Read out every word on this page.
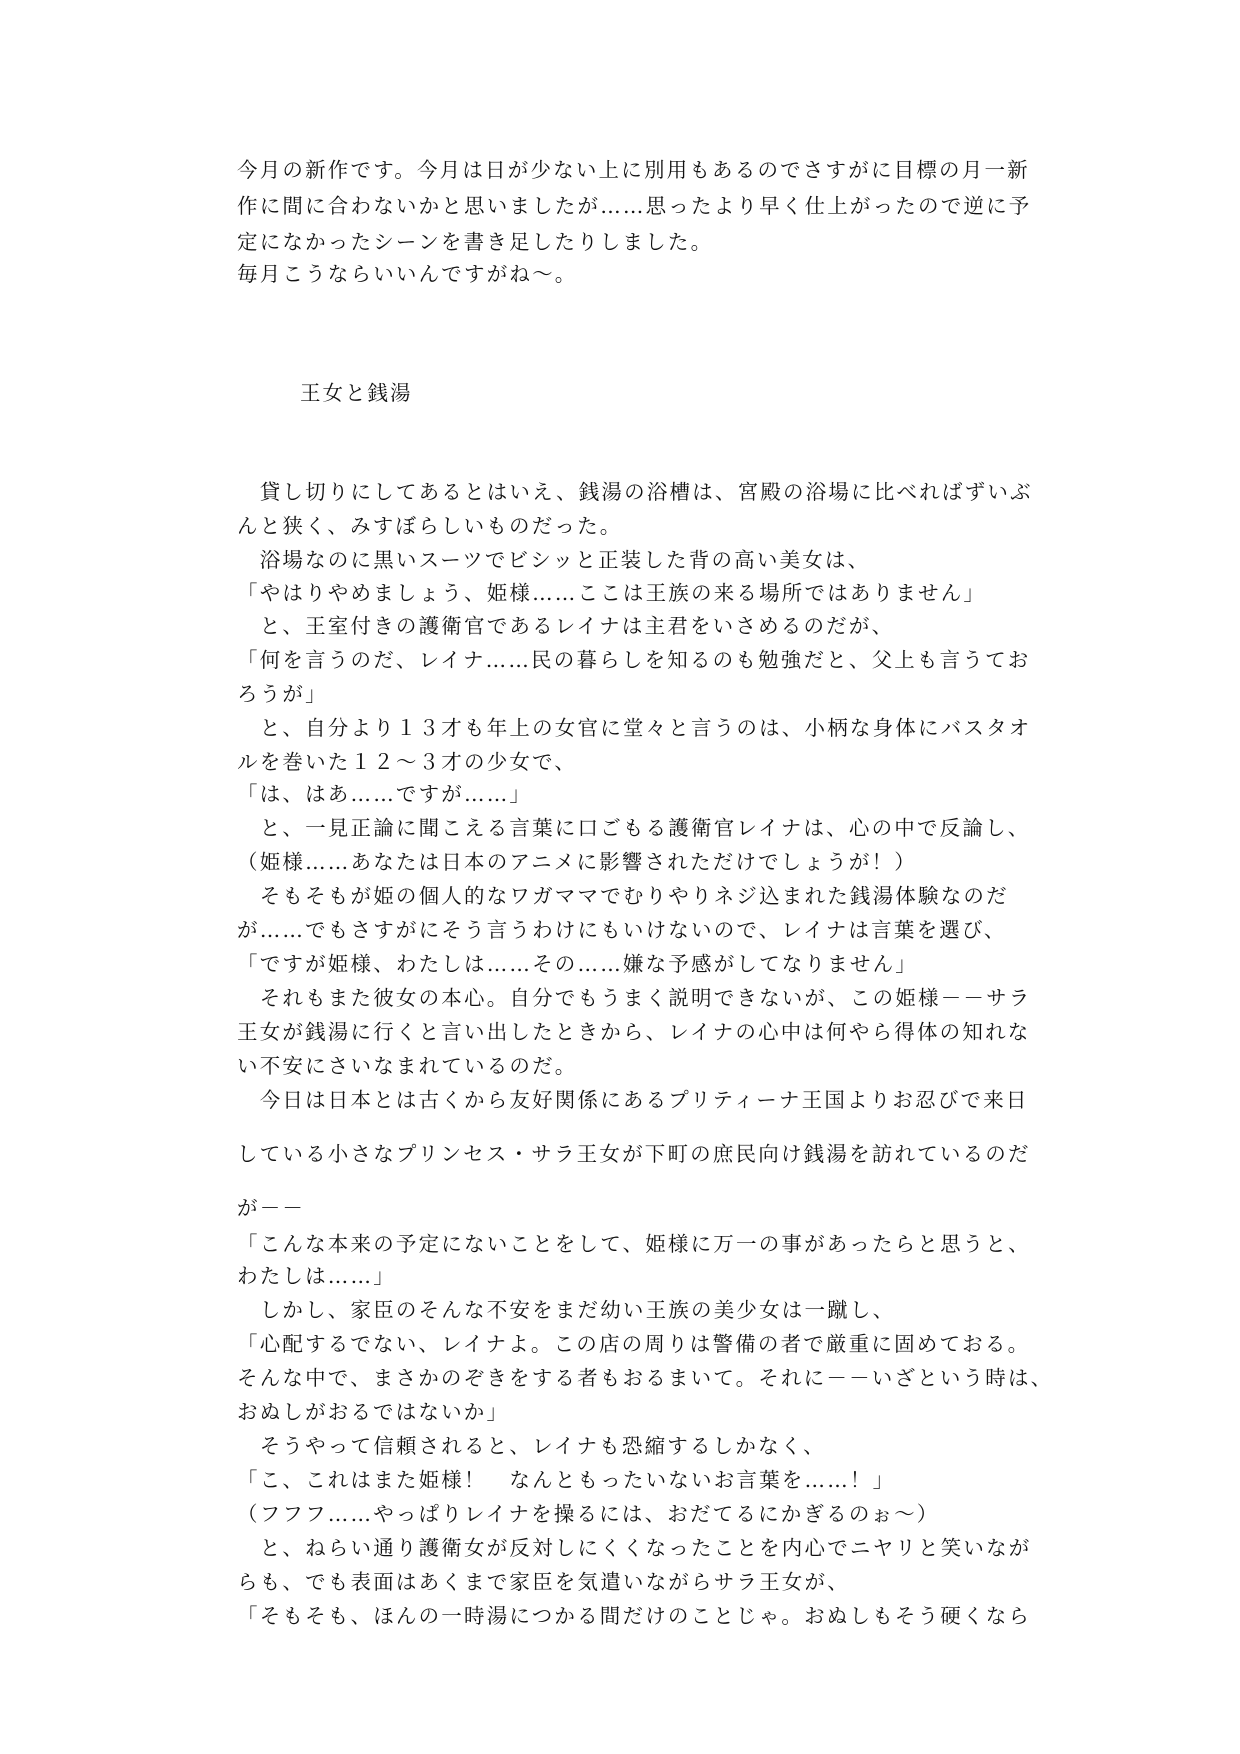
今月の新作です。今月は日が少ない上に別用もあるのでさすがに目標の月一新
作に間に合わないかと思いましたが……思ったより早く仕上がったので逆に予
定になかったシーンを書き足したりしました。
毎月こうならいいんですがね～。
王女と銭湯
　貸し切りにしてあるとはいえ、銭湯の浴槽は、宮殿の浴場に比べればずいぶ
んと狭く、みすぼらしいものだった。
　浴場なのに黒いスーツでビシッと正装した背の高い美女は、
「やはりやめましょう、姫様……ここは王族の来る場所ではありません」
　と、王室付きの護衛官であるレイナは主君をいさめるのだが、
「何を言うのだ、レイナ……民の暮らしを知るのも勉強だと、父上も言うてお
ろうが」
　と、自分より１３才も年上の女官に堂々と言うのは、小柄な身体にバスタオ
ルを巻いた１２～３才の少女で、
「は、はあ……ですが……」
　と、一見正論に聞こえる言葉に口ごもる護衛官レイナは、心の中で反論し、
（姫様……あなたは日本のアニメに影響されただけでしょうが！）
　そもそもが姫の個人的なワガママでむりやりネジ込まれた銭湯体験なのだ
が……でもさすがにそう言うわけにもいけないので、レイナは言葉を選び、
「ですが姫様、わたしは……その……嫌な予感がしてなりません」
　それもまた彼女の本心。自分でもうまく説明できないが、この姫様－－サラ
王女が銭湯に行くと言い出したときから、レイナの心中は何やら得体の知れな
い不安にさいなまれているのだ。
　今日は日本とは古くから友好関係にあるプリティーナ王国よりお忍びで来日
している小さなプリンセス・サラ王女が下町の庶民向け銭湯を訪れているのだ
が－－
「こんな本来の予定にないことをして、姫様に万一の事があったらと思うと、
わたしは……」
　しかし、家臣のそんな不安をまだ幼い王族の美少女は一蹴し、
「心配するでない、レイナよ。この店の周りは警備の者で厳重に固めておる。
そんな中で、まさかのぞきをする者もおるまいて。それに－－いざという時は、
おぬしがおるではないか」
　そうやって信頼されると、レイナも恐縮するしかなく、
「こ、これはまた姫様！　なんともったいないお言葉を……！」
（フフフ……やっぱりレイナを操るには、おだてるにかぎるのぉ～）
　と、ねらい通り護衛女が反対しにくくなったことを内心でニヤリと笑いなが
らも、でも表面はあくまで家臣を気遣いながらサラ王女が、
「そもそも、ほんの一時湯につかる間だけのことじゃ。おぬしもそう硬くなら
